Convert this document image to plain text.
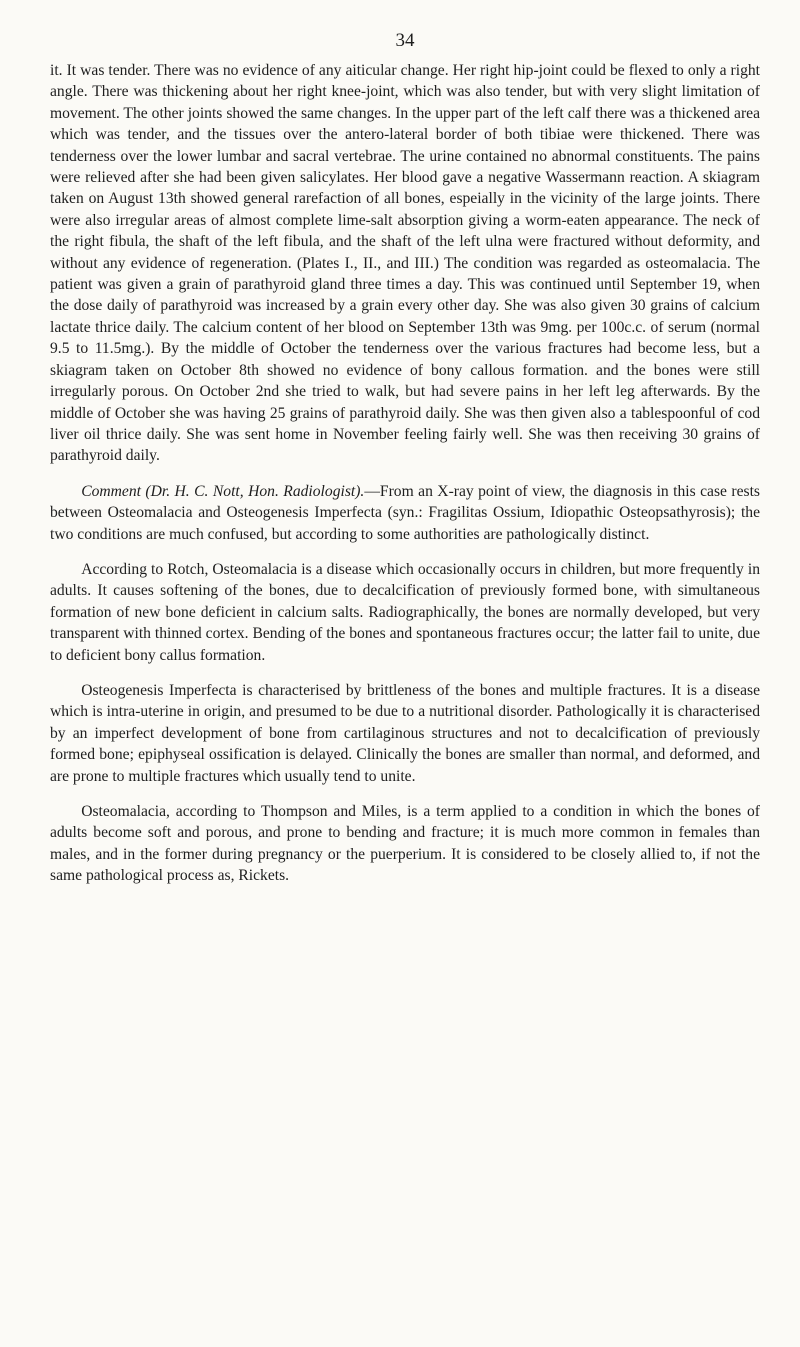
34

it. It was tender. There was no evidence of any aiticular change. Her right hip-joint could be flexed to only a right angle. There was thickening about her right knee-joint, which was also tender, but with very slight limitation of movement. The other joints showed the same changes. In the upper part of the left calf there was a thickened area which was tender, and the tissues over the antero-lateral border of both tibiae were thickened. There was tenderness over the lower lumbar and sacral vertebrae. The urine contained no abnormal constituents. The pains were relieved after she had been given salicylates. Her blood gave a negative Wassermann reaction. A skiagram taken on August 13th showed general rarefaction of all bones, espeially in the vicinity of the large joints. There were also irregular areas of almost complete lime-salt absorption giving a worm-eaten appearance. The neck of the right fibula, the shaft of the left fibula, and the shaft of the left ulna were fractured without deformity, and without any evidence of regeneration. (Plates I., II., and III.) The condition was regarded as osteomalacia. The patient was given a grain of parathyroid gland three times a day. This was continued until September 19, when the dose daily of parathyroid was increased by a grain every other day. She was also given 30 grains of calcium lactate thrice daily. The calcium content of her blood on September 13th was 9mg. per 100c.c. of serum (normal 9.5 to 11.5mg.). By the middle of October the tenderness over the various fractures had become less, but a skiagram taken on October 8th showed no evidence of bony callous formation. and the bones were still irregularly porous. On October 2nd she tried to walk, but had severe pains in her left leg afterwards. By the middle of October she was having 25 grains of parathyroid daily. She was then given also a tablespoonful of cod liver oil thrice daily. She was sent home in November feeling fairly well. She was then receiving 30 grains of parathyroid daily.

Comment (Dr. H. C. Nott, Hon. Radiologist).—From an X-ray point of view, the diagnosis in this case rests between Osteomalacia and Osteogenesis Imperfecta (syn.: Fragilitas Ossium, Idiopathic Osteopsathyrosis); the two conditions are much confused, but according to some authorities are pathologically distinct.

According to Rotch, Osteomalacia is a disease which occasionally occurs in children, but more frequently in adults. It causes softening of the bones, due to decalcification of previously formed bone, with simultaneous formation of new bone deficient in calcium salts. Radiographically, the bones are normally developed, but very transparent with thinned cortex. Bending of the bones and spontaneous fractures occur; the latter fail to unite, due to deficient bony callus formation.

Osteogenesis Imperfecta is characterised by brittleness of the bones and multiple fractures. It is a disease which is intra-uterine in origin, and presumed to be due to a nutritional disorder. Pathologically it is characterised by an imperfect development of bone from cartilaginous structures and not to decalcification of previously formed bone; epiphyseal ossification is delayed. Clinically the bones are smaller than normal, and deformed, and are prone to multiple fractures which usually tend to unite.

Osteomalacia, according to Thompson and Miles, is a term applied to a condition in which the bones of adults become soft and porous, and prone to bending and fracture; it is much more common in females than males, and in the former during pregnancy or the puerperium. It is considered to be closely allied to, if not the same pathological process as, Rickets.
